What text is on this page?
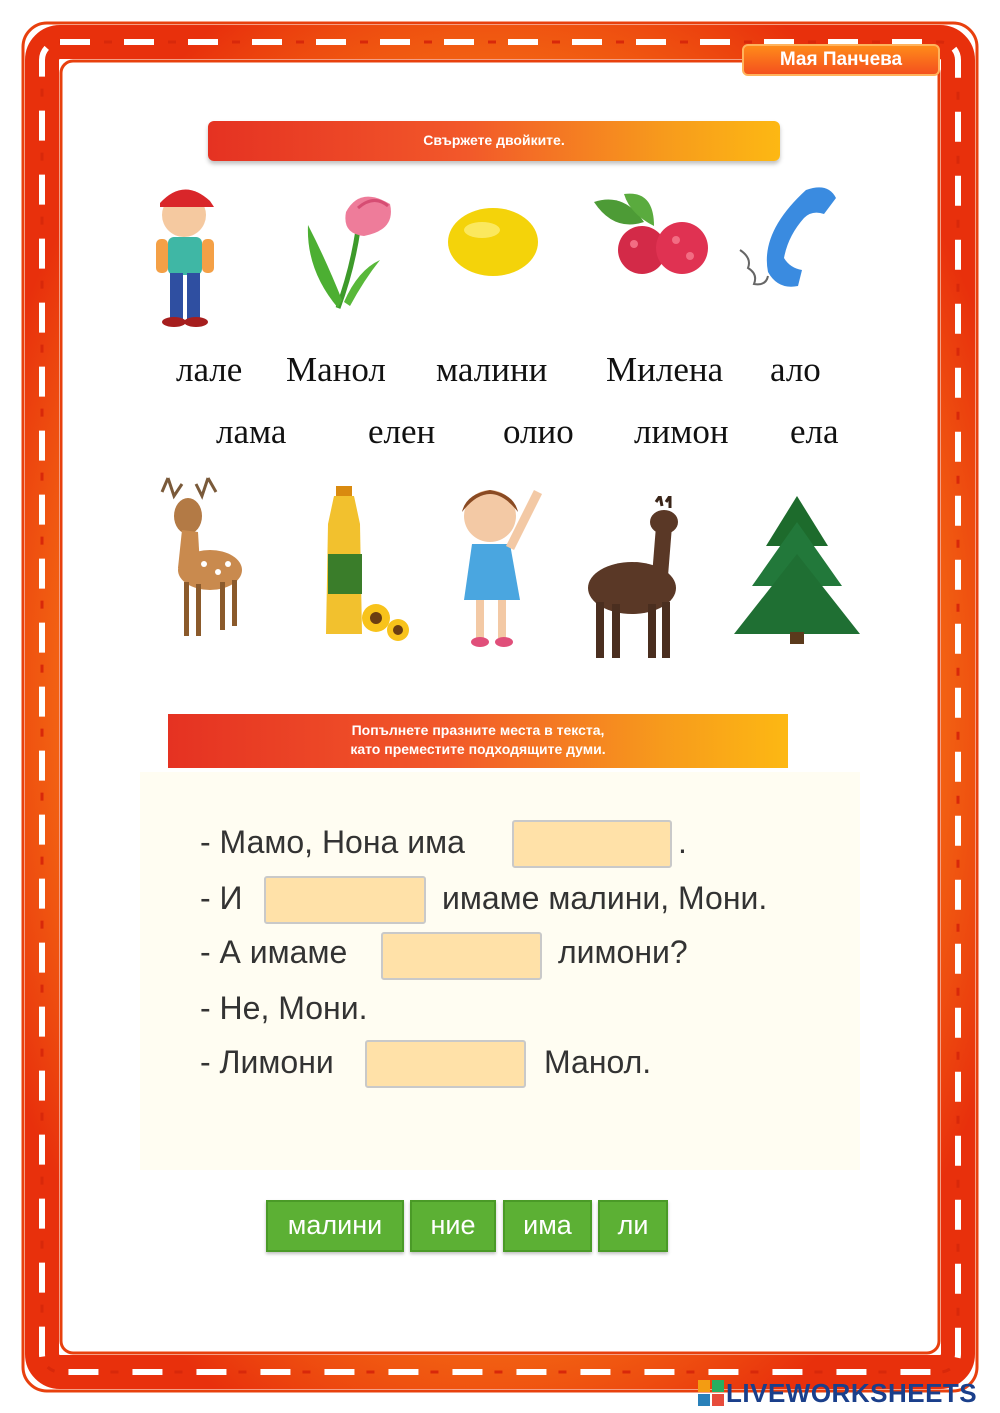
Мая Панчева
Свържете двойките.
лале Манол малини Милена ало
лама елен олио лимон ела
Попълнете празните места в текста,
като преместите подходящите думи.
- Мамо, Нона има	.
- И	имаме малини, Мони.
- А имаме	лимони?
- Не, Мони.
- Лимони	Манол.
малини	ние	има	ли
LIVEWORKSHEETS
